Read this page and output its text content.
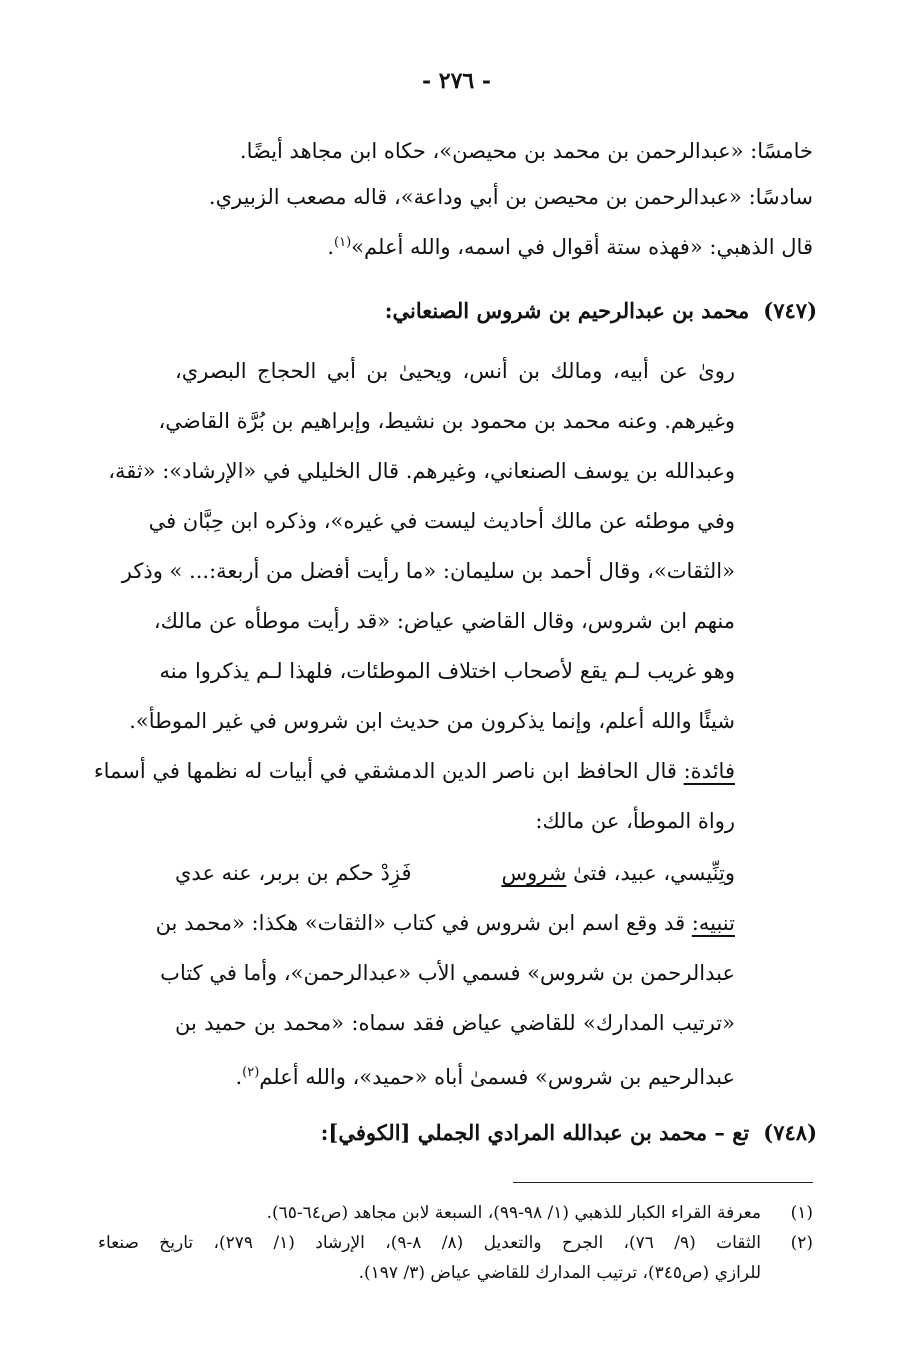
- ٢٧٦ -
خامسًا: «عبدالرحمن بن محمد بن محيصن»، حكاه ابن مجاهد أيضًا.
سادسًا: «عبدالرحمن بن محيصن بن أبي وداعة»، قاله مصعب الزبيري.
قال الذهبي: «فهذه ستة أقوال في اسمه، والله أعلم»$^{(١)}$.
(٧٤٧)محمد بن عبدالرحيم بن شروس الصنعاني:
روىٰ عن أبيه، ومالك بن أنس، ويحيىٰ بن أبي الحجاج البصري،
وغيرهم. وعنه محمد بن محمود بن نشيط، وإبراهيم بن بُرَّة القاضي،
وعبدالله بن يوسف الصنعاني، وغيرهم. قال الخليلي في «الإرشاد»: «ثقة،
وفي موطئه عن مالك أحاديث ليست في غيره»، وذكره ابن حِبَّان في
«الثقات»، وقال أحمد بن سليمان: «ما رأيت أفضل من أربعة:... » وذكر
منهم ابن شروس، وقال القاضي عياض: «قد رأيت موطأه عن مالك،
وهو غريب لـم يقع لأصحاب اختلاف الموطئات، فلهذا لـم يذكروا منه
شيئًا والله أعلم، وإنما يذكرون من حديث ابن شروس في غير الموطأ».
فائدة: قال الحافظ ابن ناصر الدين الدمشقي في أبيات له نظمها في أسماء
رواة الموطأ، عن مالك:
وتِنِّيسي، عبيد، فتىٰ شروس
فَزِدْ حكم بن بربر، عنه عدي
تنبيه: قد وقع اسم ابن شروس في كتاب «الثقات» هكذا: «محمد بن
عبدالرحمن بن شروس» فسمي الأب «عبدالرحمن»، وأما في كتاب
«ترتيب المدارك» للقاضي عياض فقد سماه: «محمد بن حميد بن
عبدالرحيم بن شروس» فسمىٰ أباه «حميد»، والله أعلم$^{(٢)}$.
(٧٤٨)تع – محمد بن عبدالله المرادي الجملي [الكوفي]:
(١)
معرفة القراء الكبار للذهبي (١/ ٩٨-٩٩)، السبعة لابن مجاهد (ص٦٤-٦٥).
(٢)
الثقات (٩/ ٧٦)، الجرح والتعديل (٨/ ٨-٩)، الإرشاد (١/ ٢٧٩)، تاريخ صنعاء
للرازي (ص٣٤٥)، ترتيب المدارك للقاضي عياض (٣/ ١٩٧).
